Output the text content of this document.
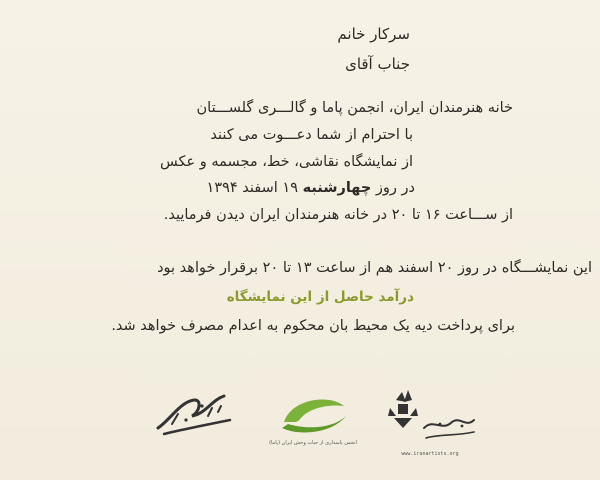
سرکار خانم
جناب آقای
خانه هنرمندان ایران، انجمن پاما و گالـــری گلســـتان
با احترام از شما دعـــوت می کنند
از نمایشگاه نقاشی، خط، مجسمه و عکس
در روز چهارشنبه ۱۹ اسفند ۱۳۹۴
از ســـاعت ۱۶ تا ۲۰ در خانه هنرمندان ایران دیدن فرمایید.
این نمایشـــگاه در روز ۲۰ اسفند هم از ساعت ۱۳ تا ۲۰ برقرار خواهد بود
درآمد حاصل از این نمایشگاه
برای پرداخت دیه یک محیط بان محکوم به اعدام مصرف خواهد شد.
انجمن پاسداری از حیات وحش ایران (پاما)
www.iranartists.org
